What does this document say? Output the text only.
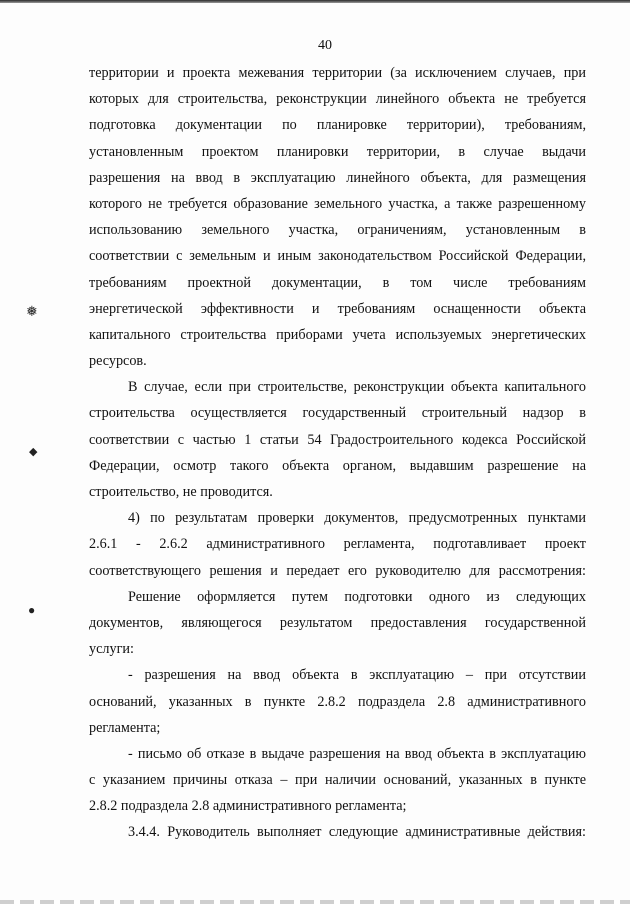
40
территории и проекта межевания территории (за исключением случаев, при
которых для строительства, реконструкции линейного объекта не требуется
подготовка документации по планировке территории), требованиям,
установленным проектом планировки территории, в случае выдачи
разрешения на ввод в эксплуатацию линейного объекта, для размещения
которого не требуется образование земельного участка, а также разрешенному
использованию земельного участка, ограничениям, установленным в
соответствии с земельным и иным законодательством Российской Федерации,
требованиям проектной документации, в том числе требованиям
энергетической эффективности и требованиям оснащенности объекта
капитального строительства приборами учета используемых энергетических
ресурсов.
В случае, если при строительстве, реконструкции объекта капитального
строительства осуществляется государственный строительный надзор в
соответствии с частью 1 статьи 54 Градостроительного кодекса Российской
Федерации, осмотр такого объекта органом, выдавшим разрешение на
строительство, не проводится.
4) по результатам проверки документов, предусмотренных пунктами
2.6.1 - 2.6.2 административного регламента, подготавливает проект
соответствующего решения и передает его руководителю для рассмотрения:
Решение оформляется путем подготовки одного из следующих
документов, являющегося результатом предоставления государственной
услуги:
- разрешения на ввод объекта в эксплуатацию – при отсутствии
оснований, указанных в пункте 2.8.2 подраздела 2.8 административного
регламента;
- письмо об отказе в выдаче разрешения на ввод объекта в эксплуатацию
с указанием причины отказа – при наличии оснований, указанных в пункте
2.8.2 подраздела 2.8 административного регламента;
3.4.4. Руководитель выполняет следующие административные действия:
❅
◆
●
